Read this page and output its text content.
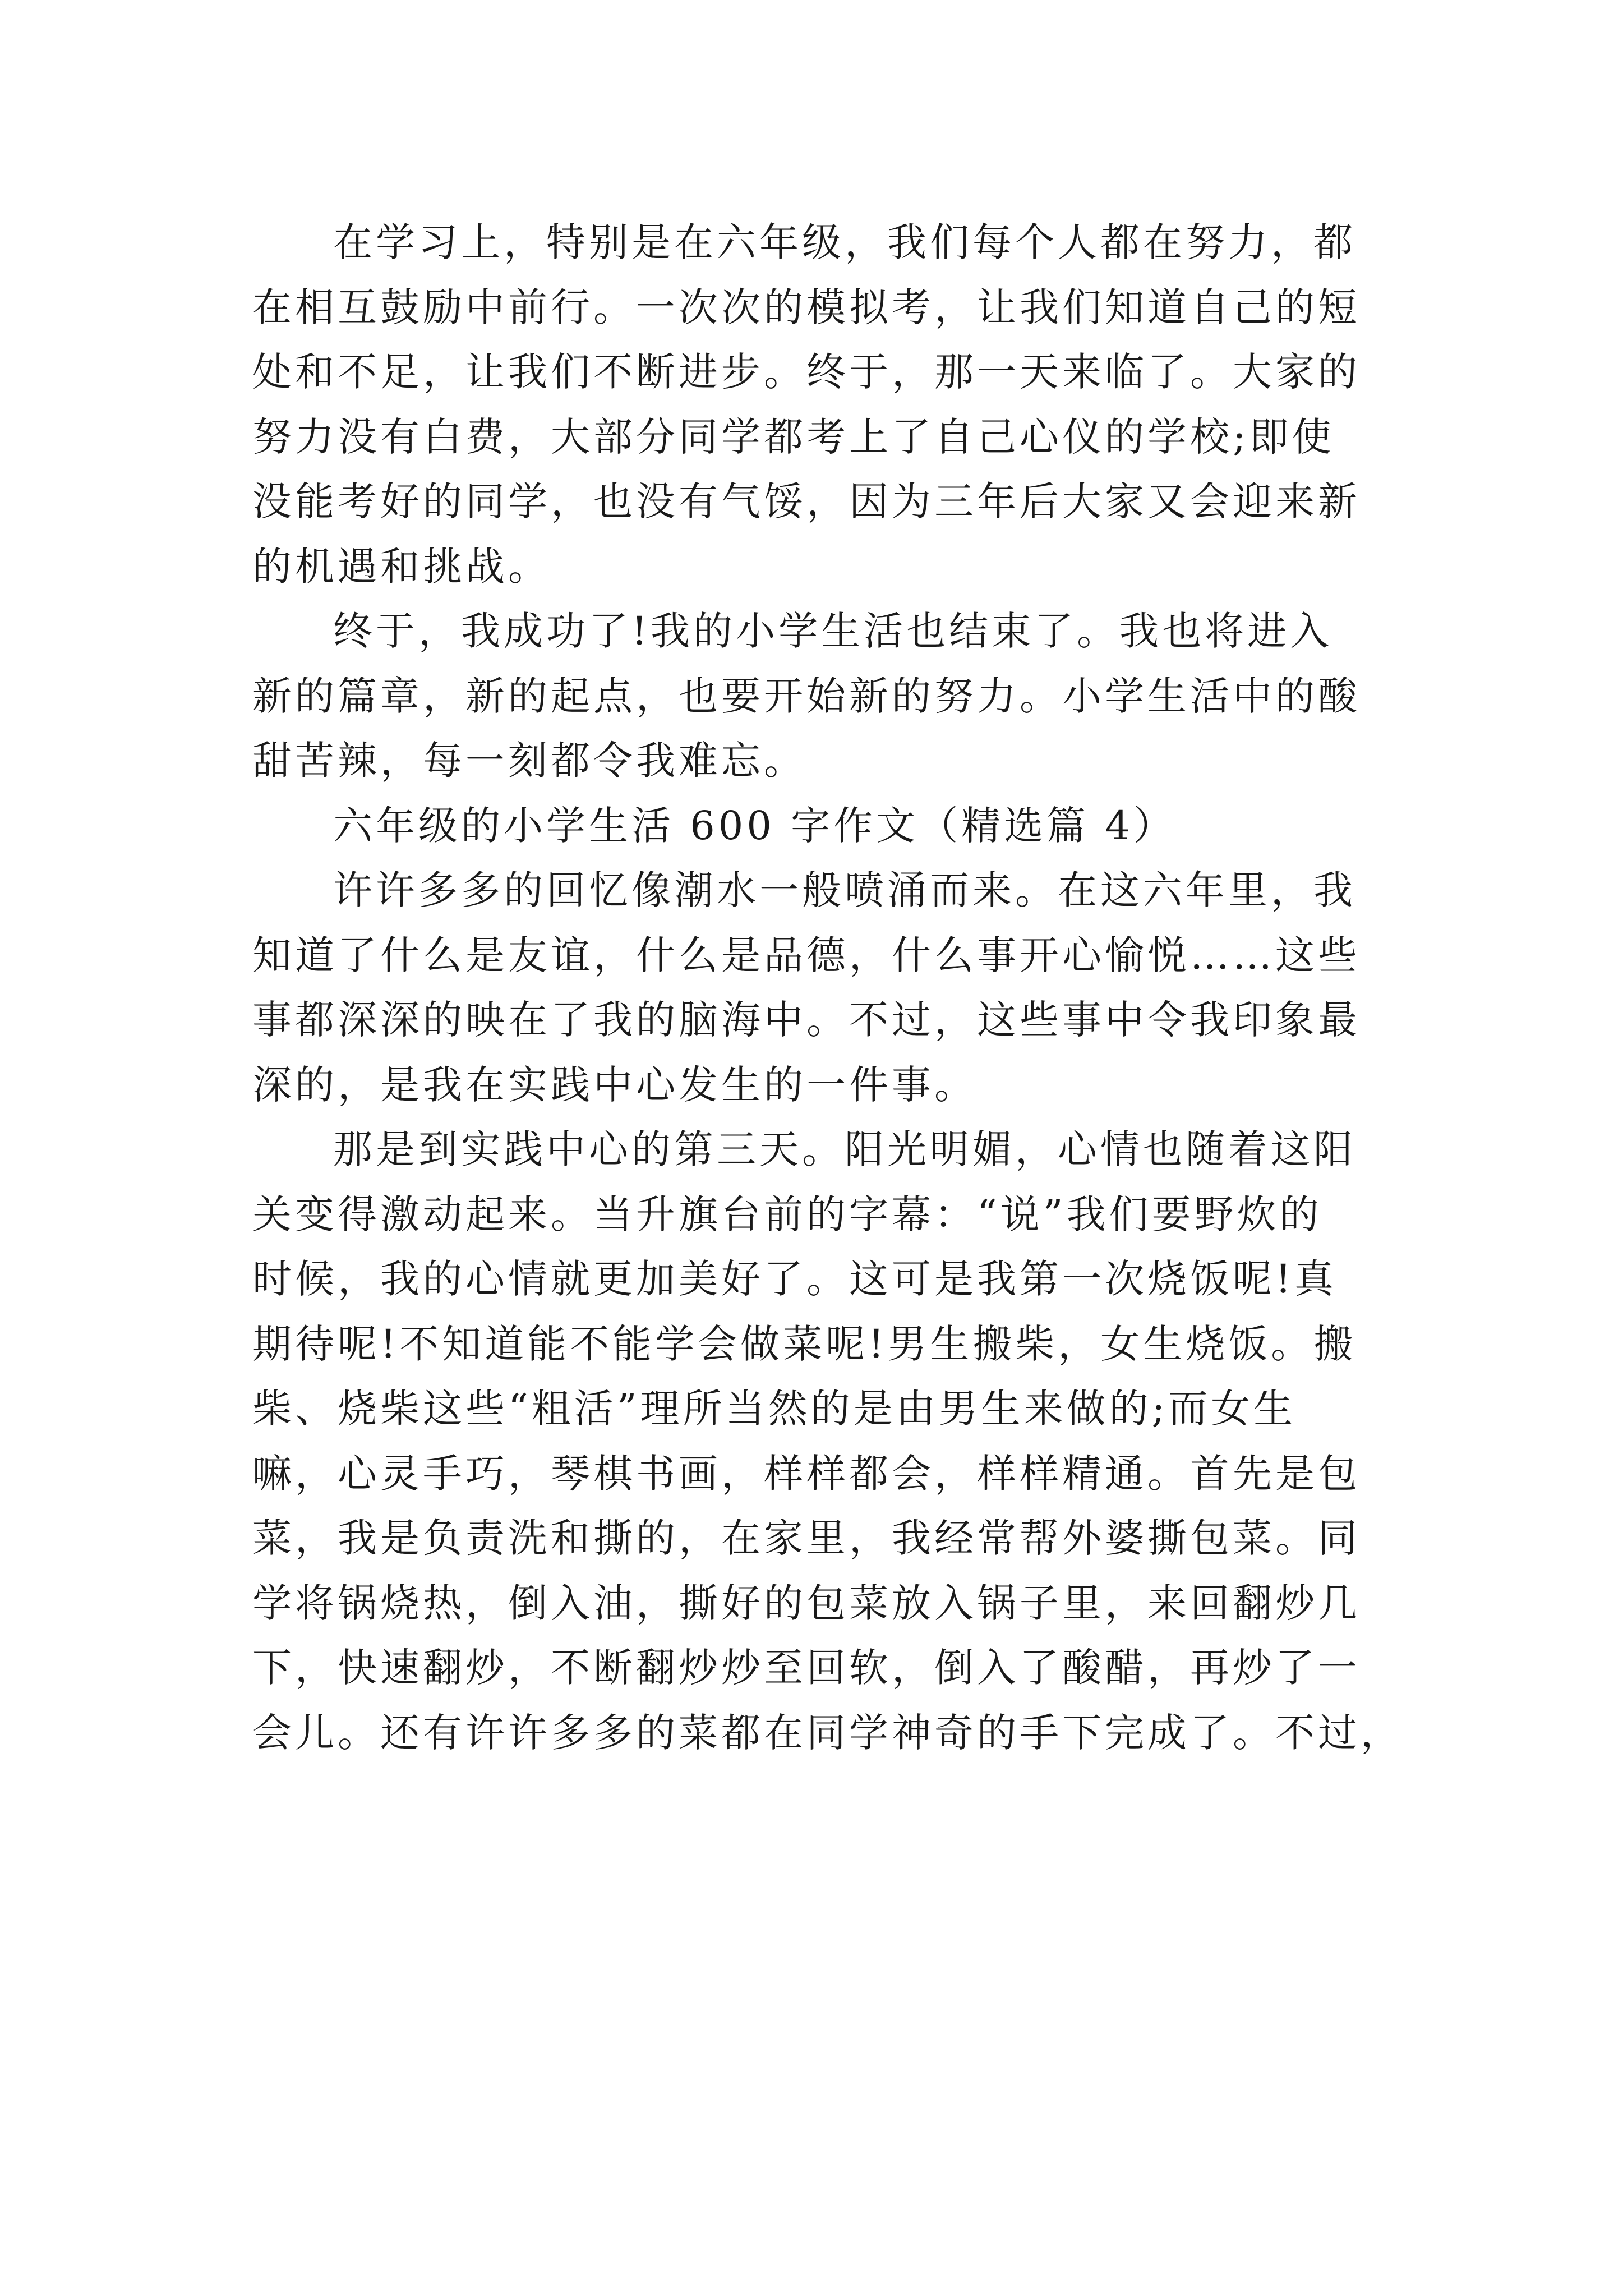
在学习上，特别是在六年级，我们每个人都在努力，都
在相互鼓励中前行。一次次的模拟考，让我们知道自己的短
处和不足，让我们不断进步。终于，那一天来临了。大家的
努力没有白费，大部分同学都考上了自己心仪的学校;即使
没能考好的同学，也没有气馁，因为三年后大家又会迎来新
的机遇和挑战。
终于，我成功了!我的小学生活也结束了。我也将进入
新的篇章，新的起点，也要开始新的努力。小学生活中的酸
甜苦辣，每一刻都令我难忘。
六年级的小学生活 600 字作文（精选篇 4）
许许多多的回忆像潮水一般喷涌而来。在这六年里，我
知道了什么是友谊，什么是品德，什么事开心愉悦……这些
事都深深的映在了我的脑海中。不过，这些事中令我印象最
深的，是我在实践中心发生的一件事。
那是到实践中心的第三天。阳光明媚，心情也随着这阳
关变得激动起来。当升旗台前的字幕：“说”我们要野炊的
时候，我的心情就更加美好了。这可是我第一次烧饭呢!真
期待呢!不知道能不能学会做菜呢!男生搬柴，女生烧饭。搬
柴、烧柴这些“粗活”理所当然的是由男生来做的;而女生
嘛，心灵手巧，琴棋书画，样样都会，样样精通。首先是包
菜，我是负责洗和撕的，在家里，我经常帮外婆撕包菜。同
学将锅烧热，倒入油，撕好的包菜放入锅子里，来回翻炒几
下，快速翻炒，不断翻炒炒至回软，倒入了酸醋，再炒了一
会儿。还有许许多多的菜都在同学神奇的手下完成了。不过，
